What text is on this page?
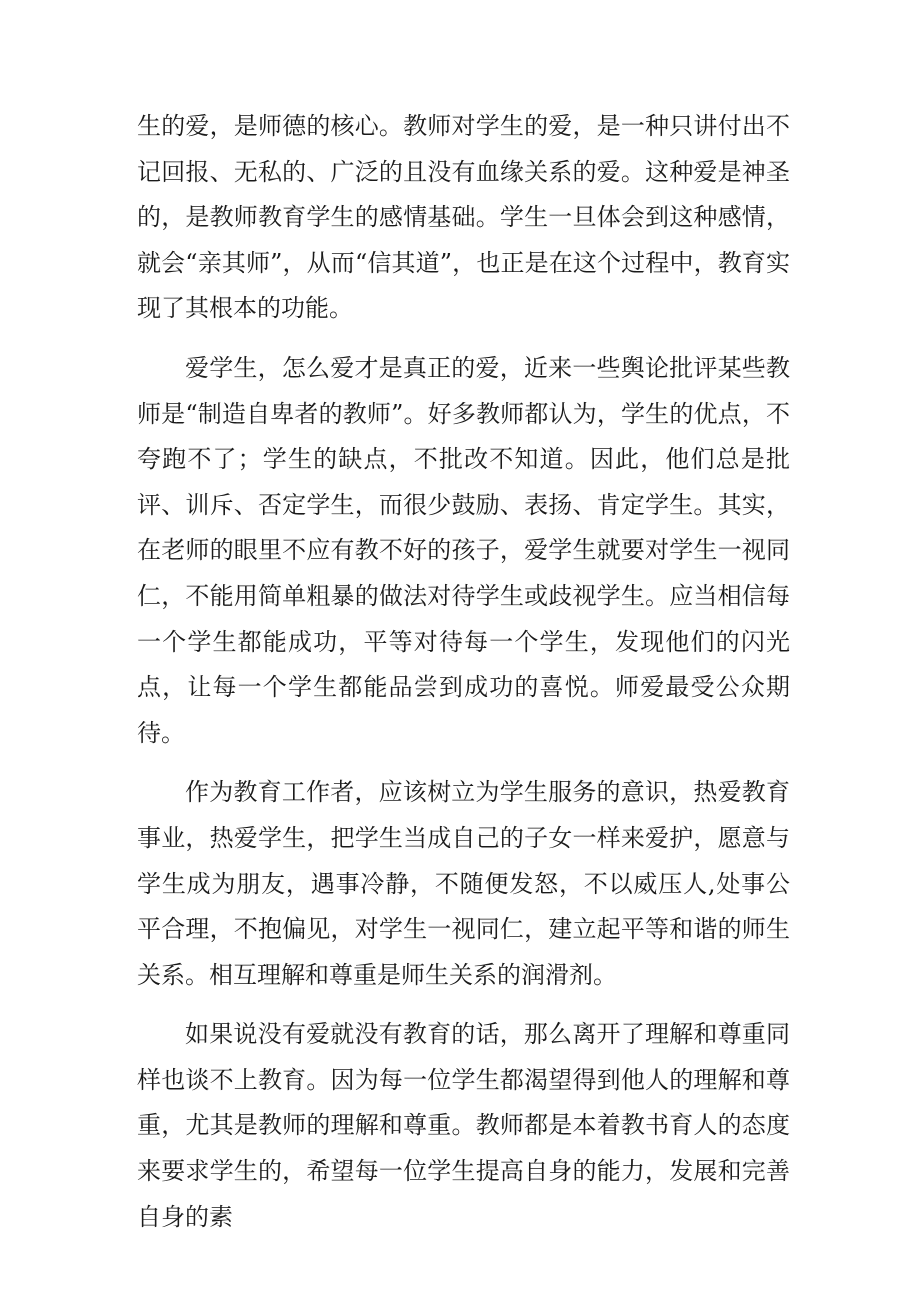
生的爱，是师德的核心。教师对学生的爱，是一种只讲付出不记回报、无私的、广泛的且没有血缘关系的爱。这种爱是神圣的，是教师教育学生的感情基础。学生一旦体会到这种感情，就会“亲其师”，从而“信其道”，也正是在这个过程中，教育实现了其根本的功能。

爱学生，怎么爱才是真正的爱，近来一些舆论批评某些教师是“制造自卑者的教师”。好多教师都认为，学生的优点，不夸跑不了；学生的缺点，不批改不知道。因此，他们总是批评、训斥、否定学生，而很少鼓励、表扬、肯定学生。其实，在老师的眼里不应有教不好的孩子，爱学生就要对学生一视同仁，不能用简单粗暴的做法对待学生或歧视学生。应当相信每一个学生都能成功，平等对待每一个学生，发现他们的闪光点，让每一个学生都能品尝到成功的喜悦。师爱最受公众期待。

作为教育工作者，应该树立为学生服务的意识，热爱教育事业，热爱学生，把学生当成自己的子女一样来爱护，愿意与学生成为朋友，遇事冷静，不随便发怒，不以威压人,处事公平合理，不抱偏见，对学生一视同仁，建立起平等和谐的师生关系。相互理解和尊重是师生关系的润滑剂。

如果说没有爱就没有教育的话，那么离开了理解和尊重同样也谈不上教育。因为每一位学生都渴望得到他人的理解和尊重，尤其是教师的理解和尊重。教师都是本着教书育人的态度来要求学生的，希望每一位学生提高自身的能力，发展和完善自身的素
